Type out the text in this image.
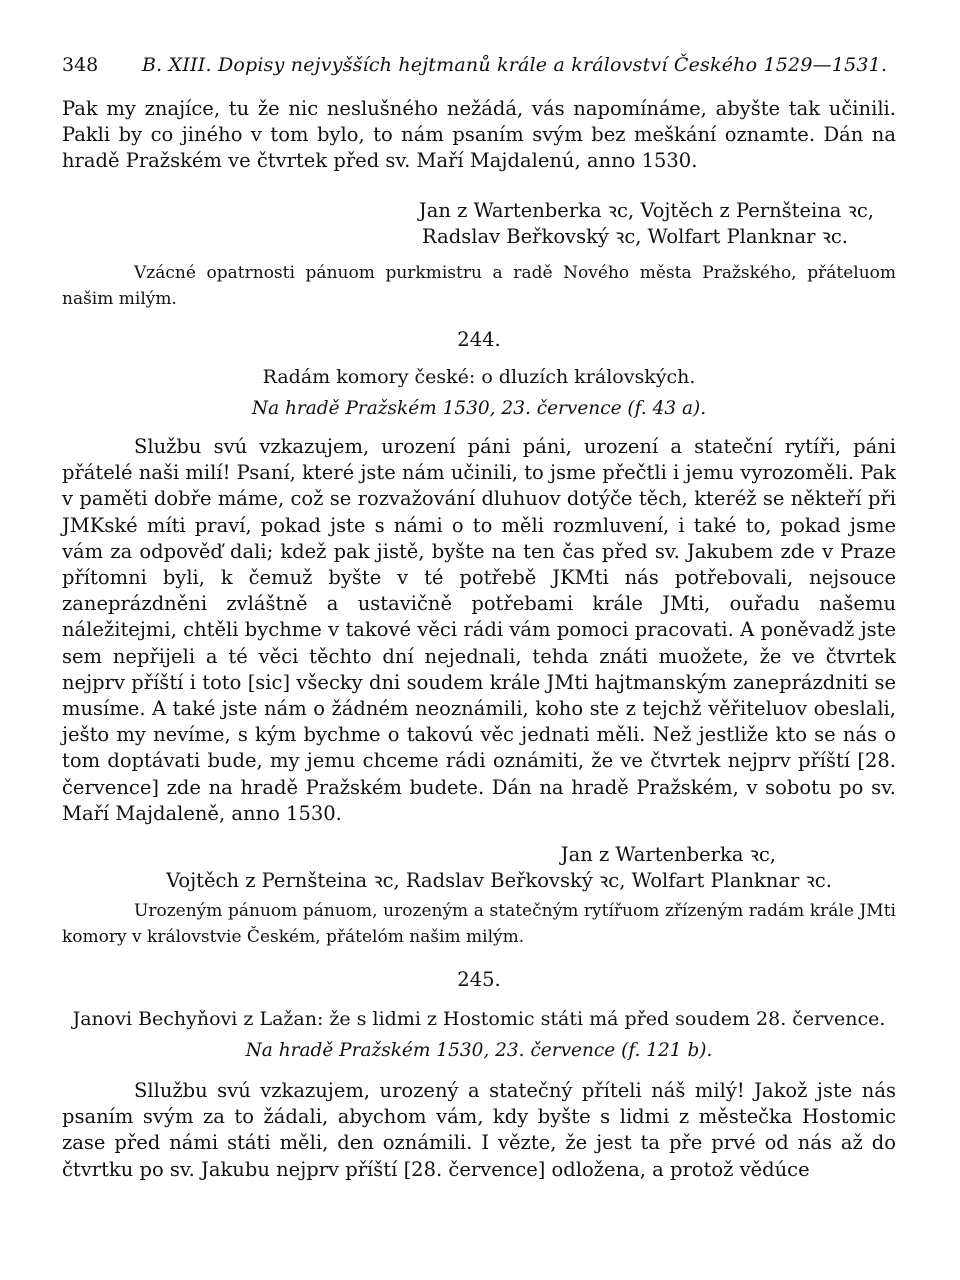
348 B. XIII. Dopisy nejvyšších hejtmanů krále a království Českého 1529—1531.

Pak my znajíce, tu že nic neslušného nežádá, vás napomínáme, abyšte tak učinili. Pakli by co jiného v tom bylo, to nám psaním svým bez meškání oznamte. Dán na hradě Pražském ve čtvrtek před sv. Maří Majdalenú, anno 1530.

Jan z Wartenberka ꝛc, Vojtěch z Pernšteina ꝛc,
Radslav Beřkovský ꝛc, Wolfart Planknar ꝛc.
Vzácné opatrnosti pánuom purkmistru a radě Nového města Pražského, přáteluom našim milým.
244.
Radám komory české: o dluzích královských.
Na hradě Pražském 1530, 23. července (f. 43 a).

Službu svú vzkazujem, urození páni páni, urození a stateční rytíři, páni přátelé naši milí! Psaní, které jste nám učinili, to jsme přečtli i jemu vyrozoměli. Pak v paměti dobře máme, což se rozvažování dluhuov dotýče těch, kteréž se někteří při JMKské míti praví, pokad jste s námi o to měli rozmluvení, i také to, pokad jsme vám za odpověď dali; kdež pak jistě, byšte na ten čas před sv. Jakubem zde v Praze přítomni byli, k čemuž byšte v té potřebě JKMti nás potřebovali, nejsouce zaneprázdněni zvláštně a ustavičně potřebami krále JMti, ouřadu našemu náležitejmi, chtěli bychme v takové věci rádi vám pomoci pracovati. A poněvadž jste sem nepřijeli a té věci těchto dní nejednali, tehda znáti muožete, že ve čtvrtek nejprv příští i toto [sic] všecky dni soudem krále JMti hajtmanským zaneprázdniti se musíme. A také jste nám o žádném neoznámili, koho ste z tejchž věřiteluov obeslali, ješto my nevíme, s kým bychme o takovú věc jednati měli. Než jestliže kto se nás o tom doptávati bude, my jemu chceme rádi oznámiti, že ve čtvrtek nejprv příští [28. července] zde na hradě Pražském budete. Dán na hradě Pražském, v sobotu po sv. Maří Majdaleně, anno 1530.

Jan z Wartenberka ꝛc,
Vojtěch z Pernšteina ꝛc, Radslav Beřkovský ꝛc, Wolfart Planknar ꝛc.
Urozeným pánuom pánuom, urozeným a statečným rytířuom zřízeným radám krále JMti komory v královstvie Českém, přátelóm našim milým.
245.
Janovi Bechyňovi z Lažan: že s lidmi z Hostomic státi má před soudem 28. července.
Na hradě Pražském 1530, 23. července (f. 121 b).

Sllužbu svú vzkazujem, urozený a statečný příteli náš milý! Jakož jste nás psaním svým za to žádali, abychom vám, kdy byšte s lidmi z městečka Hostomic zase před námi státi měli, den oznámili. I vězte, že jest ta pře prvé od nás až do čtvrtku po sv. Jakubu nejprv příští [28. července] odložena, a protož vědúce
